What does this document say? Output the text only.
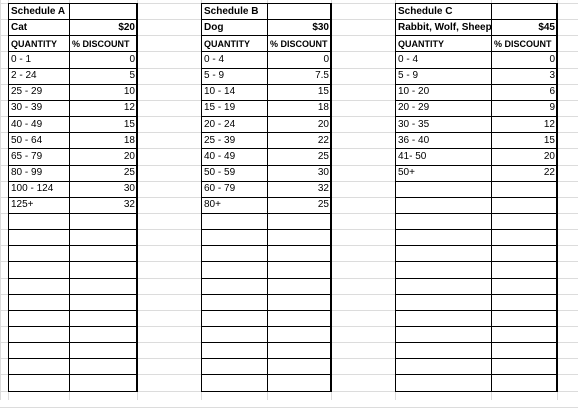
Schedule A
Cat	$20
QUANTITY	% DISCOUNT
0 - 1	0
2 - 24	5
25 - 29	10
30 - 39	12
40 - 49	15
50 - 64	18
65 - 79	20
80 - 99	25
100 - 124	30
125+	32
Schedule B
Dog	$30
QUANTITY	% DISCOUNT
0 - 4	0
5 - 9	7.5
10 - 14	15
15 - 19	18
20 - 24	20
25 - 39	22
40 - 49	25
50 - 59	30
60 - 79	32
80+	25
Schedule C
Rabbit, Wolf, Sheep	$45
QUANTITY	% DISCOUNT
0 - 4	0
5 - 9	3
10 - 20	6
20 - 29	9
30 - 35	12
36 - 40	15
41- 50	20
50+	22
